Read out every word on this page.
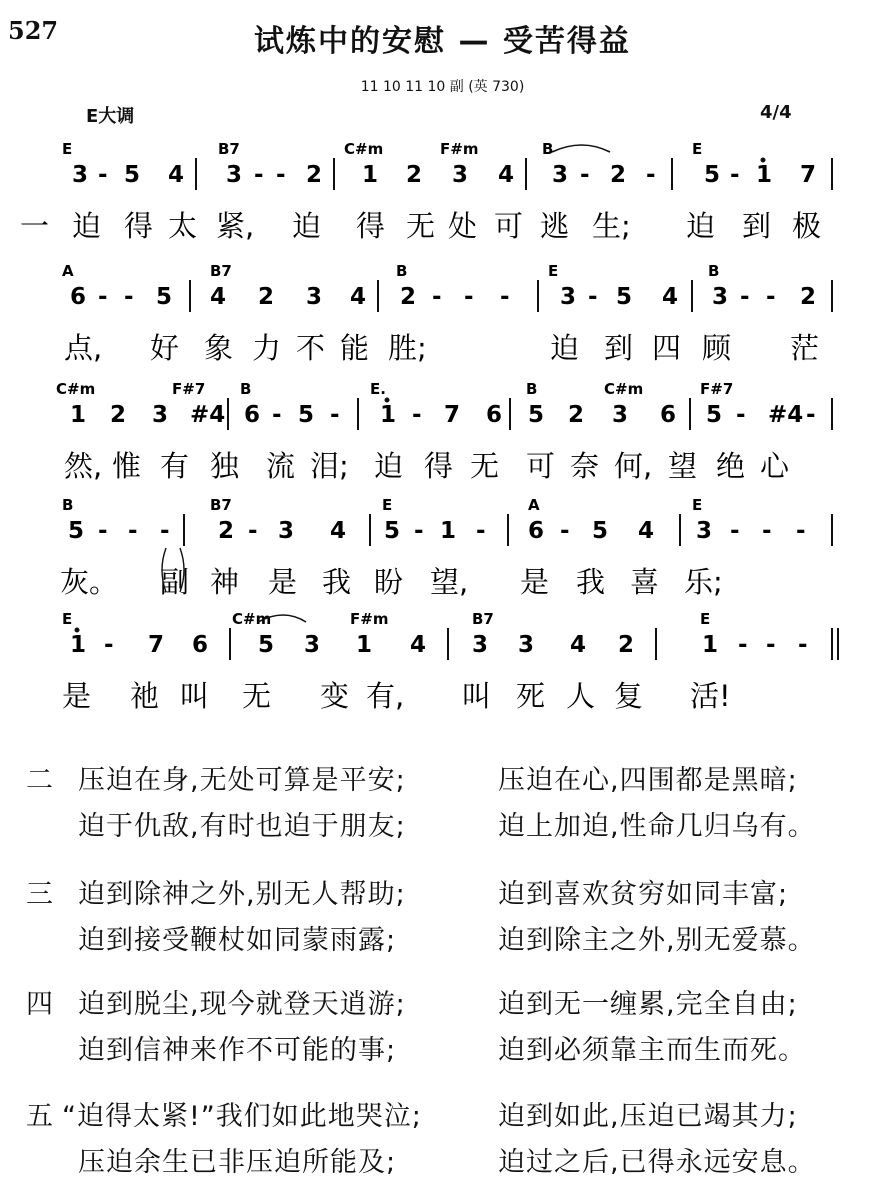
527	试炼中的安慰 — 受苦得益
11 10 11 10 副 (英 730)
E大调	4/4
E	B7	C#m	F#m	B	E
3 - 5 4 3 - - 2 1 2 3 4 3 - 2 - 5 - 1 7
一 迫 得 太 紧, 迫 得 无 处 可 逃 生; 迫 到 极
A	B7	B	E	B
6 - - 5 4 2 3 4 2 - - - 3 - 5 4 3 - - 2
点, 好 象 力 不 能 胜;	迫 到 四 顾 茫
C#m	F#7 B	E.	B	C#m	F#7
1 2 3 #4 6 - 5 - 1 - 7 6 5 2 3 6 5 - #4 -
然, 惟 有 独 流 泪; 迫 得 无 可 奈 何, 望 绝 心
B	B7	E	A	E
5 - - - 2 - 3 4 5 - 1 - 6 - 5 4 3 - - -
灰。 副 神 是 我 盼 望, 是 我 喜 乐;
E	C#m	F#m	B7	E
1 - 7 6 5 3 1 4 3 3 4 2	1 - - -
是 祂 叫 无 变 有, 叫 死 人 复 活!
二 压迫在身,无处可算是平安;	压迫在心,四围都是黑暗;
迫于仇敌,有时也迫于朋友;	迫上加迫,性命几归乌有。
三 迫到除神之外,别无人帮助;	迫到喜欢贫穷如同丰富;
迫到接受鞭杖如同蒙雨露;	迫到除主之外,别无爱慕。
四 迫到脱尘,现今就登天逍游;	迫到无一缠累,完全自由;
迫到信神来作不可能的事;	迫到必须靠主而生而死。
五 “迫得太紧!”我们如此地哭泣;	迫到如此,压迫已竭其力;
压迫余生已非压迫所能及;	迫过之后,已得永远安息。
